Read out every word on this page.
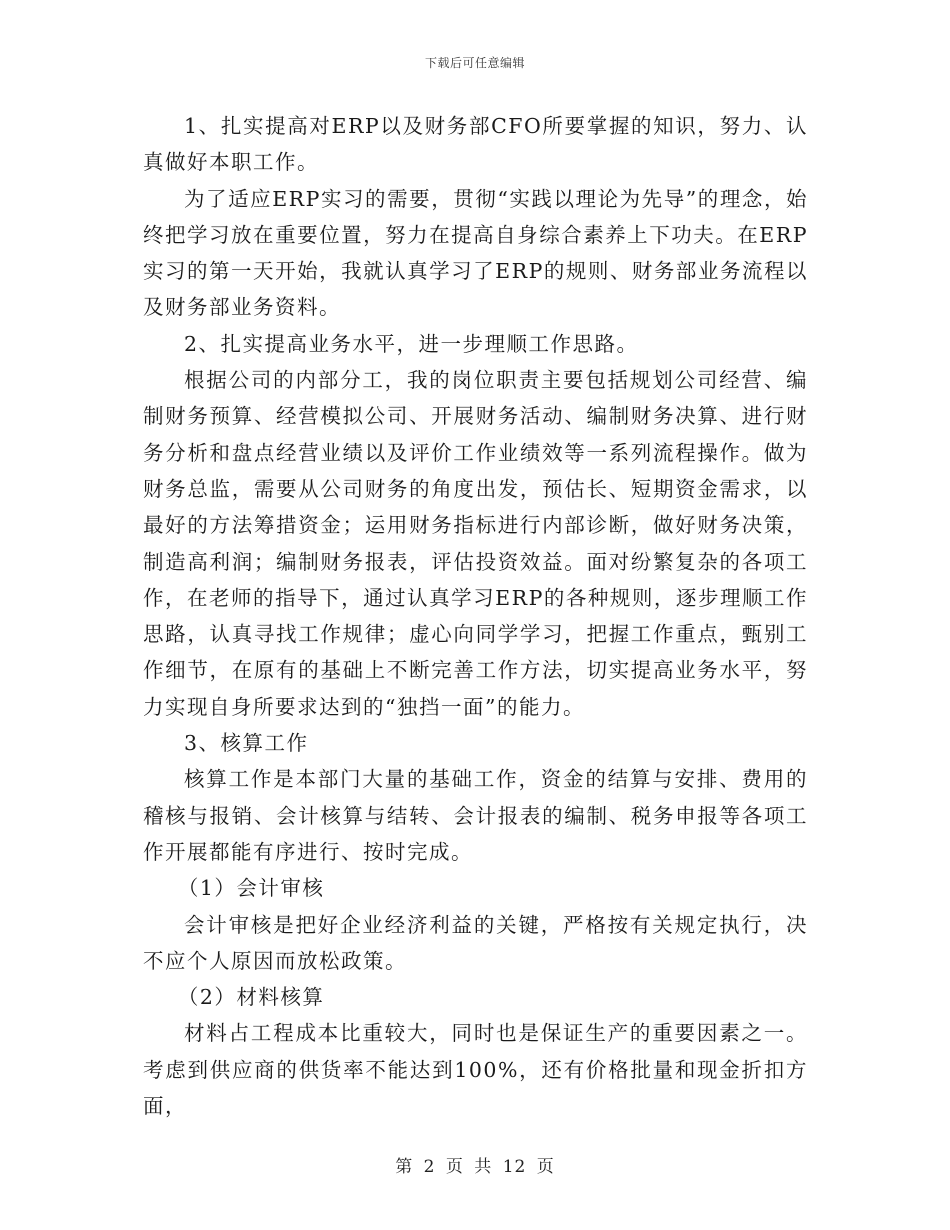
下载后可任意编辑

1、扎实提高对ERP以及财务部CFO所要掌握的知识，努力、认真做好本职工作。

为了适应ERP实习的需要，贯彻“实践以理论为先导”的理念，始终把学习放在重要位置，努力在提高自身综合素养上下功夫。在ERP实习的第一天开始，我就认真学习了ERP的规则、财务部业务流程以及财务部业务资料。

2、扎实提高业务水平，进一步理顺工作思路。

根据公司的内部分工，我的岗位职责主要包括规划公司经营、编制财务预算、经营模拟公司、开展财务活动、编制财务决算、进行财务分析和盘点经营业绩以及评价工作业绩效等一系列流程操作。做为财务总监，需要从公司财务的角度出发，预估长、短期资金需求，以最好的方法筹措资金；运用财务指标进行内部诊断，做好财务决策，制造高利润；编制财务报表，评估投资效益。面对纷繁复杂的各项工作，在老师的指导下，通过认真学习ERP的各种规则，逐步理顺工作思路，认真寻找工作规律；虚心向同学学习，把握工作重点，甄别工作细节，在原有的基础上不断完善工作方法，切实提高业务水平，努力实现自身所要求达到的“独挡一面”的能力。

3、核算工作

核算工作是本部门大量的基础工作，资金的结算与安排、费用的稽核与报销、会计核算与结转、会计报表的编制、税务申报等各项工作开展都能有序进行、按时完成。

（1）会计审核

会计审核是把好企业经济利益的关键，严格按有关规定执行，决不应个人原因而放松政策。

（2）材料核算

材料占工程成本比重较大，同时也是保证生产的重要因素之一。考虑到供应商的供货率不能达到100%，还有价格批量和现金折扣方面，

第 2 页 共 12 页
